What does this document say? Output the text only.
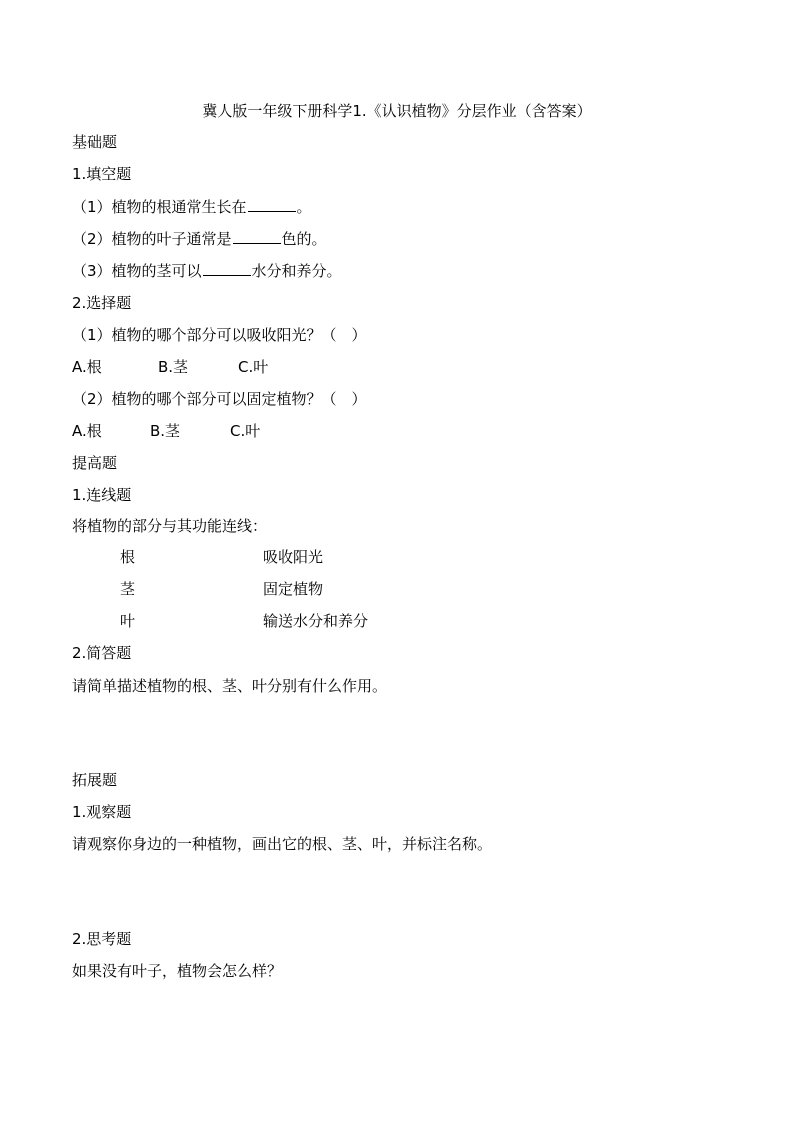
冀人版一年级下册科学1.《认识植物》分层作业（含答案）
基础题
1.填空题
（1）植物的根通常生长在	。
（2）植物的叶子通常是	色的。
（3）植物的茎可以	水分和养分。
2.选择题
（1）植物的哪个部分可以吸收阳光？（　）
A.根	B.茎	C.叶
（2）植物的哪个部分可以固定植物？（　）
A.根	B.茎	C.叶
提高题
1.连线题
将植物的部分与其功能连线：
根	吸收阳光
茎	固定植物
叶	输送水分和养分
2.简答题
请简单描述植物的根、茎、叶分别有什么作用。
拓展题
1.观察题
请观察你身边的一种植物，画出它的根、茎、叶，并标注名称。
2.思考题
如果没有叶子，植物会怎么样？
